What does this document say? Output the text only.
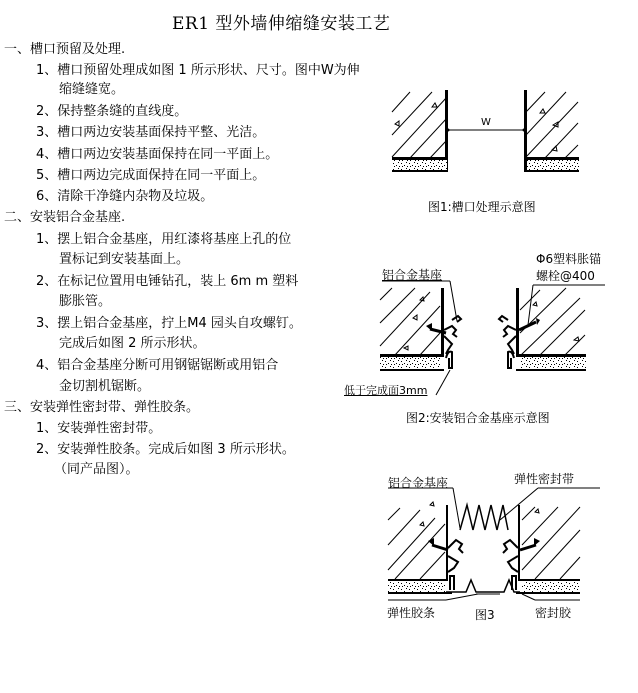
ER1 型外墙伸缩缝安装工艺
一、槽口预留及处理.
1、槽口预留处理成如图 1 所示形状、尺寸。图中W为伸
缩缝缝宽。
2、保持整条缝的直线度。
3、槽口两边安装基面保持平整、光洁。
4、槽口两边安装基面保持在同一平面上。
5、槽口两边完成面保持在同一平面上。
6、清除干净缝内杂物及垃圾。
二、安装铝合金基座.
1、摆上铝合金基座，用红漆将基座上孔的位
置标记到安装基面上。
2、在标记位置用电锤钻孔，装上 6m m 塑料
膨胀管。
3、摆上铝合金基座，拧上M4 园头自攻螺钉。
完成后如图 2 所示形状。
4、铝合金基座分断可用钢锯锯断或用铝合
金切割机锯断。
三、安装弹性密封带、弹性胶条。
1、安装弹性密封带。
2、安装弹性胶条。完成后如图 3 所示形状。
（同产品图）。
W
图1:槽口处理示意图
铝合金基座
Φ6塑料胀锚
螺栓@400
低于完成面3mm
图2:安装铝合金基座示意图
铝合金基座	弹性密封带
弹性胶条	密封胶
图3
